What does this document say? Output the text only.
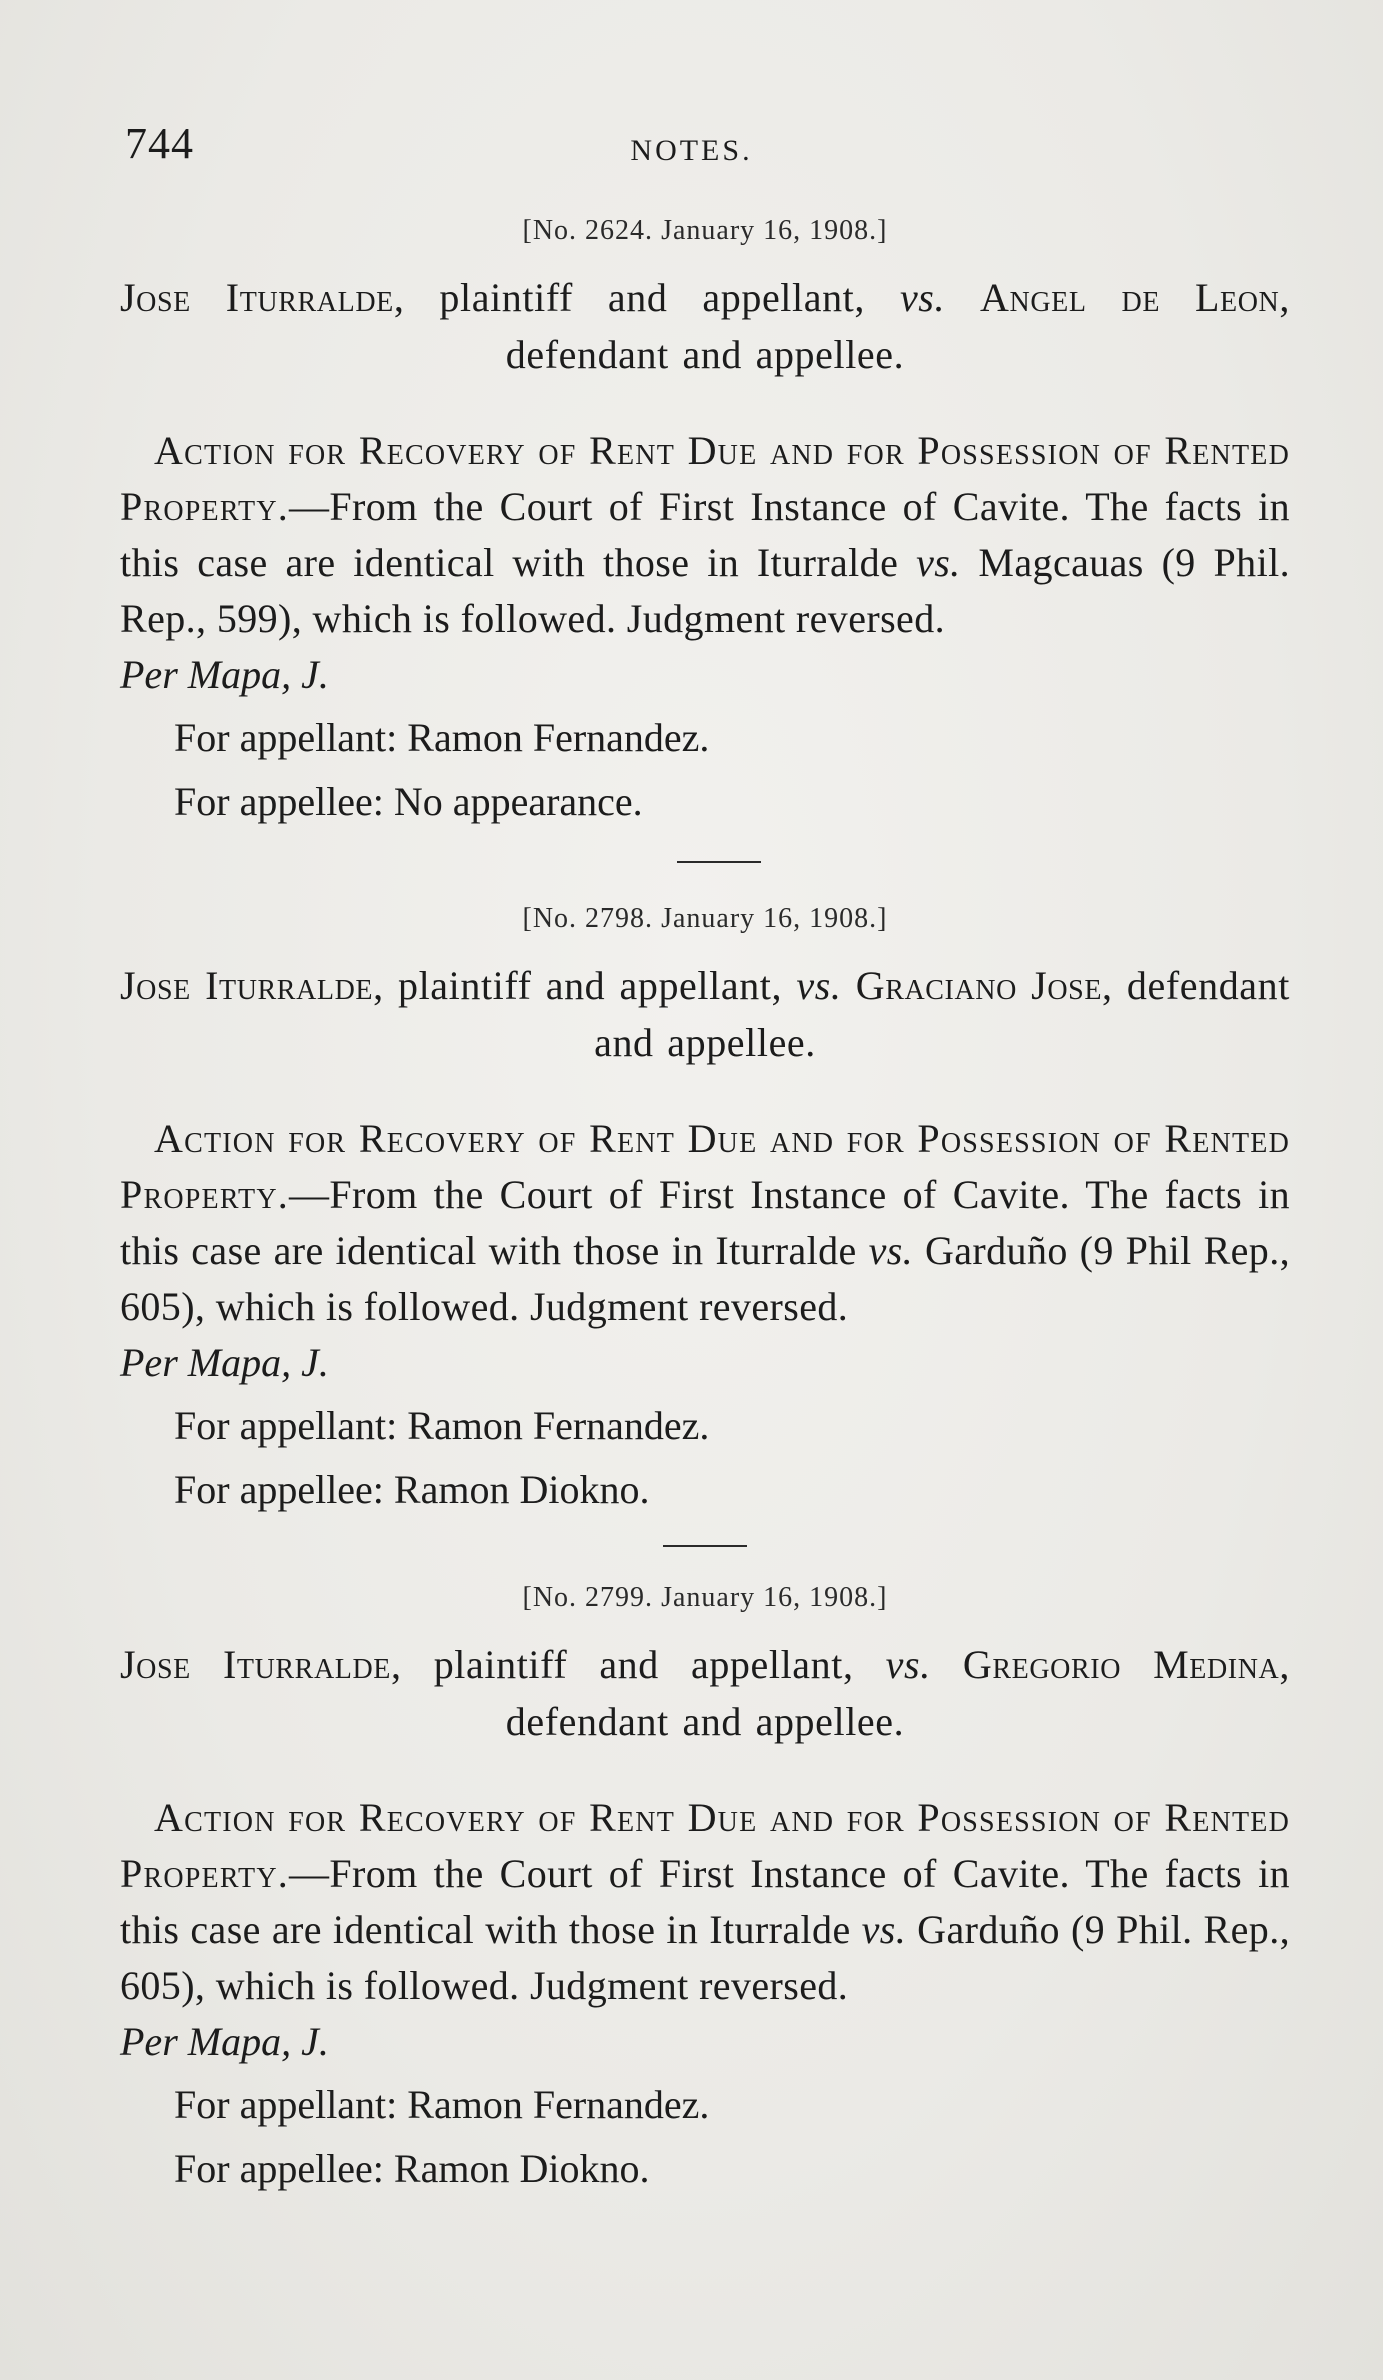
744	NOTES.
[No. 2624. January 16, 1908.]
Jose Iturralde, plaintiff and appellant, vs. Angel de Leon, defendant and appellee.
Action for Recovery of Rent Due and for Possession of Rented Property.—From the Court of First Instance of Cavite. The facts in this case are identical with those in Iturralde vs. Magcauas (9 Phil. Rep., 599), which is followed. Judgment reversed.
Per Mapa, J.
For appellant: Ramon Fernandez.
For appellee: No appearance.
[No. 2798. January 16, 1908.]
Jose Iturralde, plaintiff and appellant, vs. Graciano Jose, defendant and appellee.
Action for Recovery of Rent Due and for Possession of Rented Property.—From the Court of First Instance of Cavite. The facts in this case are identical with those in Iturralde vs. Garduño (9 Phil Rep., 605), which is followed. Judgment reversed.
Per Mapa, J.
For appellant: Ramon Fernandez.
For appellee: Ramon Diokno.
[No. 2799. January 16, 1908.]
Jose Iturralde, plaintiff and appellant, vs. Gregorio Medina, defendant and appellee.
Action for Recovery of Rent Due and for Possession of Rented Property.—From the Court of First Instance of Cavite. The facts in this case are identical with those in Iturralde vs. Garduño (9 Phil. Rep., 605), which is followed. Judgment reversed.
Per Mapa, J.
For appellant: Ramon Fernandez.
For appellee: Ramon Diokno.
